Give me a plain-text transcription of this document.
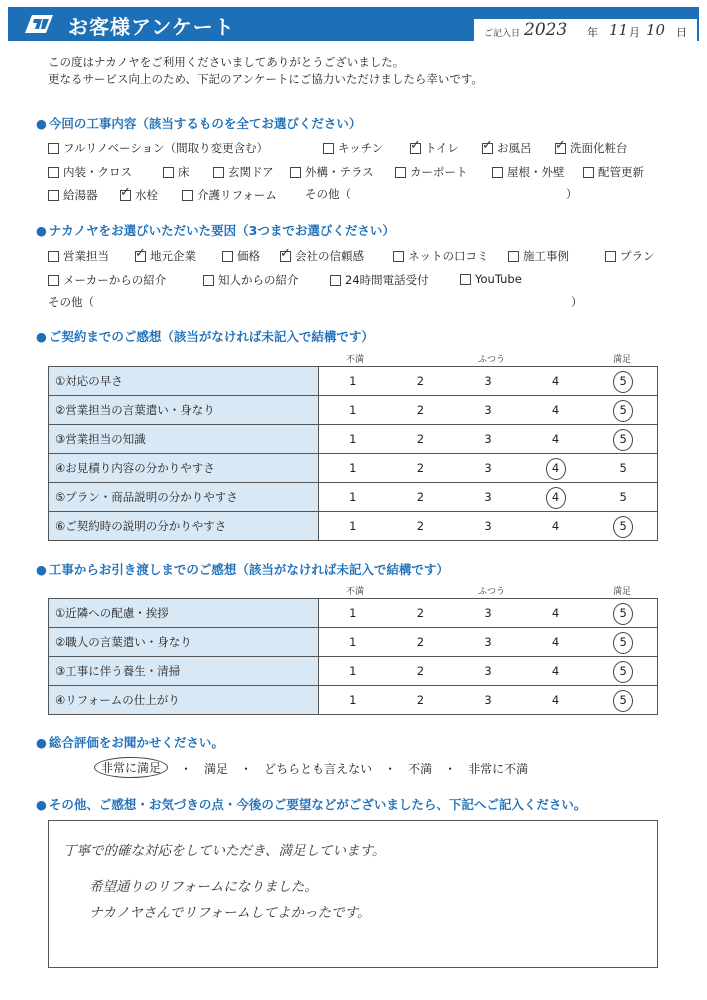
お客様アンケート	ご記入日 2023 年 11 月 10 日
この度はナカノヤをご利用くださいましてありがとうございました。
更なるサービス向上のため、下記のアンケートにご協力いただけましたら幸いです。
● 今回の工事内容（該当するものを全てお選びください）
フルリノベーション（間取り変更含む）	キッチン ✓	トイレ ✓	お風呂 ✓	洗面化粧台
内装・クロス	床	玄関ドア	外構・テラス	カーポート	屋根・外壁	配管更新
給湯器 ✓	水栓	介護リフォーム その他（	）
● ナカノヤをお選びいただいた要因（3つまでお選びください）
営業担当 ✓	地元企業	価格 ✓	会社の信頼感	ネットの口コミ	施工事例	プラン
メーカーからの紹介	知人からの紹介	24時間電話受付	YouTube
その他（	）
● ご契約までのご感想（該当がなければ未記入で結構です）
不満	ふつう	満足
①対応の早さ	1 2 3 4 5

②営業担当の言葉遣い・身なり	1 2 3 4 5

③営業担当の知識	1 2 3 4 5

④お見積り内容の分かりやすさ	1 2 3 4 5

⑤プラン・商品説明の分かりやすさ	1 2 3 4 5

⑥ご契約時の説明の分かりやすさ	1 2 3 4 5
● 工事からお引き渡しまでのご感想（該当がなければ未記入で結構です）
不満	ふつう	満足
①近隣への配慮・挨拶	1 2 3 4 5

②職人の言葉遣い・身なり	1 2 3 4 5

③工事に伴う養生・清掃	1 2 3 4 5

④リフォームの仕上がり	1 2 3 4 5
● 総合評価をお聞かせください。
非常に満足	・ 満足 ・ どちらとも言えない ・ 不満 ・ 非常に不満
● その他、ご感想・お気づきの点・今後のご要望などがございましたら、下記へご記入ください。
丁寧で的確な対応をしていただき、満足しています。
希望通りのリフォームになりました。
ナカノヤさんでリフォームしてよかったです。
